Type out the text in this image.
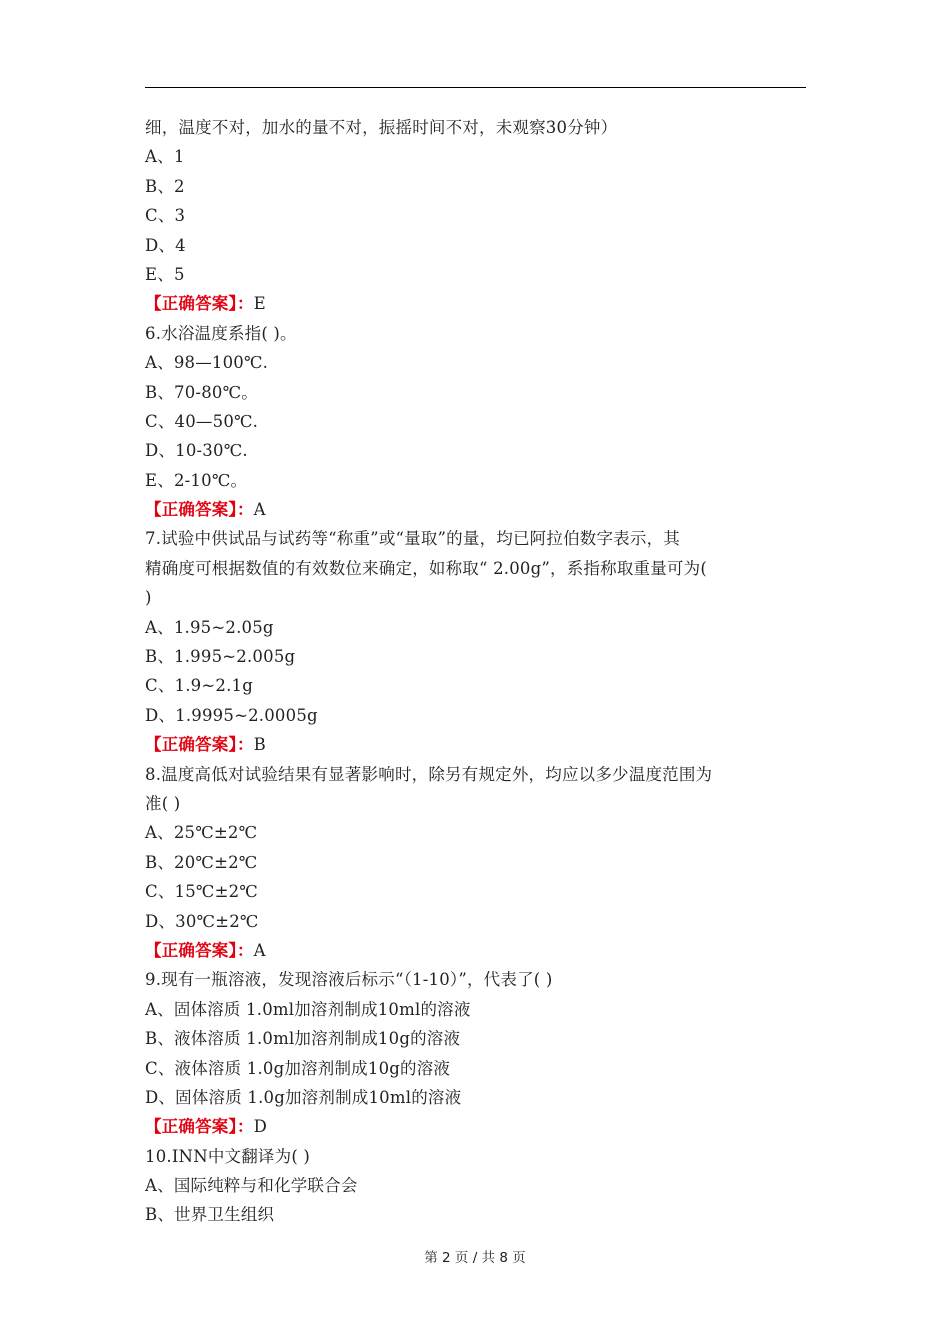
细，温度不对，加水的量不对，振摇时间不对，未观察30分钟）
A、1
B、2
C、3
D、4
E、5
【正确答案】：E
6.水浴温度系指( )。
A、98—100℃.
B、70-80℃。
C、40—50℃.
D、10-30℃.
E、2-10℃。
【正确答案】：A
7.试验中供试品与试药等“称重”或“量取”的量，均已阿拉伯数字表示，其
精确度可根据数值的有效数位来确定，如称取“ 2.00g”，系指称取重量可为(
)
A、1.95~2.05g
B、1.995~2.005g
C、1.9~2.1g
D、1.9995~2.0005g
【正确答案】：B
8.温度高低对试验结果有显著影响时，除另有规定外，均应以多少温度范围为
准( )
A、25℃±2℃
B、20℃±2℃
C、15℃±2℃
D、30℃±2℃
【正确答案】：A
9.现有一瓶溶液，发现溶液后标示“（1-10）”，代表了( )
A、固体溶质 1.0ml加溶剂制成10ml的溶液
B、液体溶质 1.0ml加溶剂制成10g的溶液
C、液体溶质 1.0g加溶剂制成10g的溶液
D、固体溶质 1.0g加溶剂制成10ml的溶液
【正确答案】：D
10.INN中文翻译为( )
A、国际纯粹与和化学联合会
B、世界卫生组织
第 2 页 / 共 8 页
